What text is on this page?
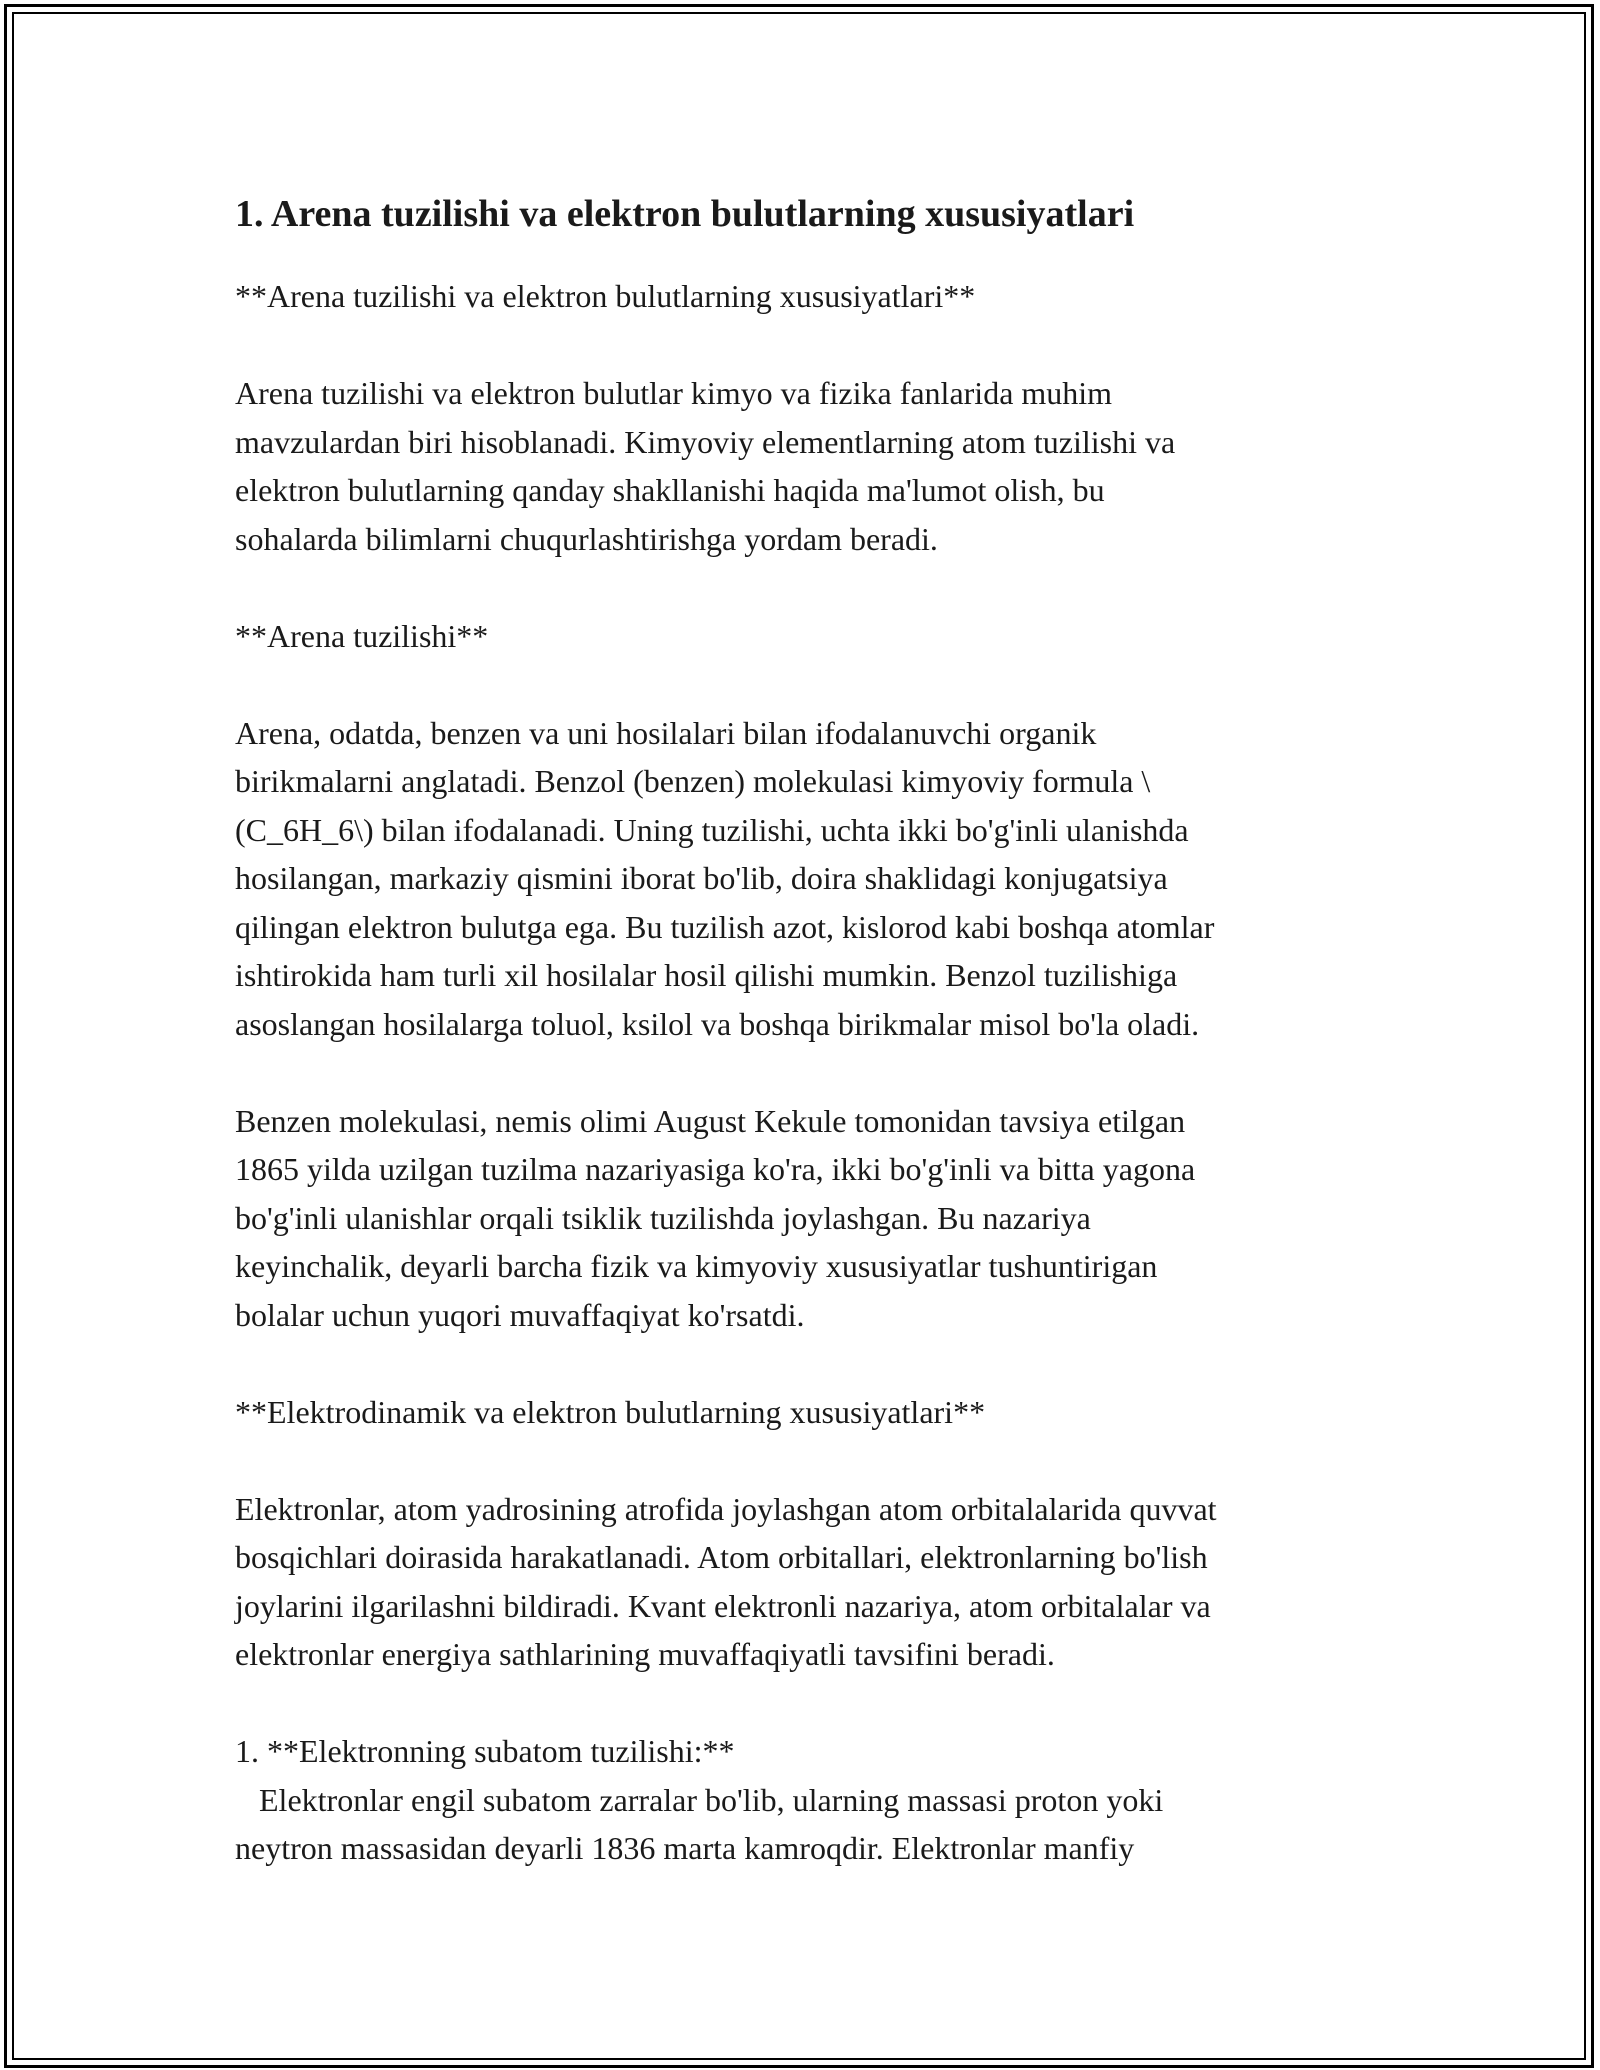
1. Arena tuzilishi va elektron bulutlarning xususiyatlari

**Arena tuzilishi va elektron bulutlarning xususiyatlari**

Arena tuzilishi va elektron bulutlar kimyo va fizika fanlarida muhim
mavzulardan biri hisoblanadi. Kimyoviy elementlarning atom tuzilishi va
elektron bulutlarning qanday shakllanishi haqida ma'lumot olish, bu
sohalarda bilimlarni chuqurlashtirishga yordam beradi.

**Arena tuzilishi**

Arena, odatda, benzen va uni hosilalari bilan ifodalanuvchi organik
birikmalarni anglatadi. Benzol (benzen) molekulasi kimyoviy formula \
(C_6H_6\) bilan ifodalanadi. Uning tuzilishi, uchta ikki bo'g'inli ulanishda
hosilangan, markaziy qismini iborat bo'lib, doira shaklidagi konjugatsiya
qilingan elektron bulutga ega. Bu tuzilish azot, kislorod kabi boshqa atomlar
ishtirokida ham turli xil hosilalar hosil qilishi mumkin. Benzol tuzilishiga
asoslangan hosilalarga toluol, ksilol va boshqa birikmalar misol bo'la oladi.

Benzen molekulasi, nemis olimi August Kekule tomonidan tavsiya etilgan
1865 yilda uzilgan tuzilma nazariyasiga ko'ra, ikki bo'g'inli va bitta yagona
bo'g'inli ulanishlar orqali tsiklik tuzilishda joylashgan. Bu nazariya
keyinchalik, deyarli barcha fizik va kimyoviy xususiyatlar tushuntirigan
bolalar uchun yuqori muvaffaqiyat ko'rsatdi.

**Elektrodinamik va elektron bulutlarning xususiyatlari**

Elektronlar, atom yadrosining atrofida joylashgan atom orbitalalarida quvvat
bosqichlari doirasida harakatlanadi. Atom orbitallari, elektronlarning bo'lish
joylarini ilgarilashni bildiradi. Kvant elektronli nazariya, atom orbitalalar va
elektronlar energiya sathlarining muvaffaqiyatli tavsifini beradi.

1. **Elektronning subatom tuzilishi:**
Elektronlar engil subatom zarralar bo'lib, ularning massasi proton yoki
neytron massasidan deyarli 1836 marta kamroqdir. Elektronlar manfiy
